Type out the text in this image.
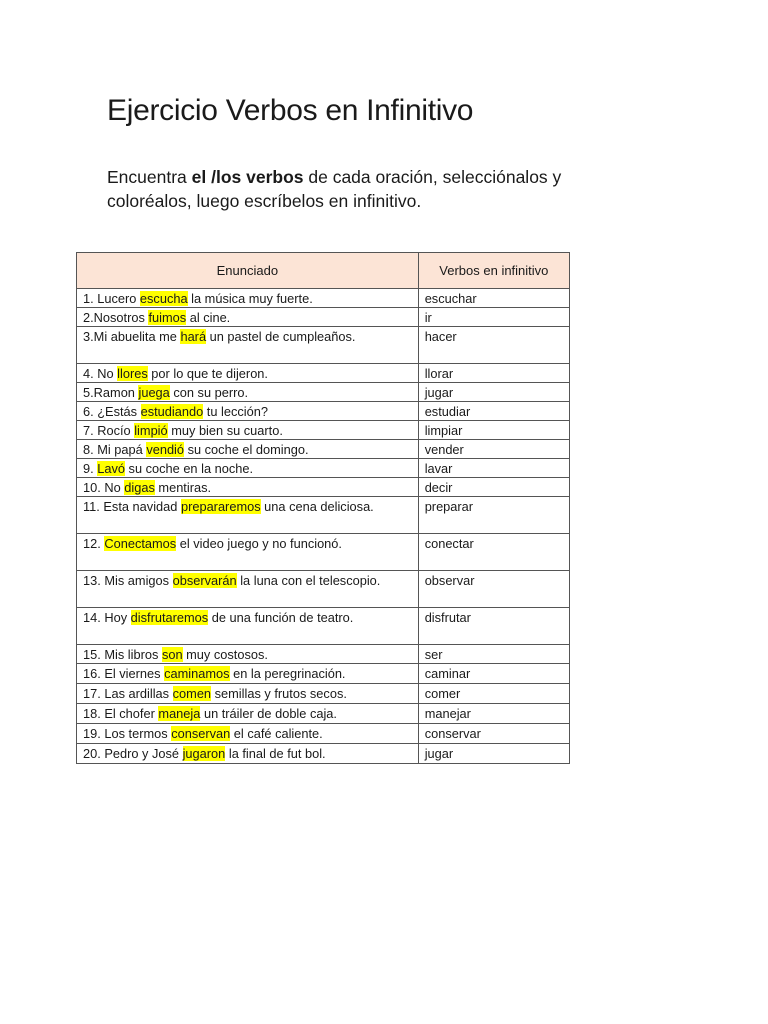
Ejercicio Verbos en Infinitivo

Encuentra el /los verbos de cada oración, selecciónalos y coloréalos, luego escríbelos en infinitivo.

Enunciado	Verbos en infinitivo
1. Lucero escucha la música muy fuerte.	escuchar
2.Nosotros fuimos al cine.	ir
3.Mi abuelita me hará un pastel de cumpleaños.	hacer
4. No llores por lo que te dijeron.	llorar
5.Ramon juega con su perro.	jugar
6. ¿Estás estudiando tu lección?	estudiar
7. Rocío limpió muy bien su cuarto.	limpiar
8. Mi papá vendió su coche el domingo.	vender
9. Lavó su coche en la noche.	lavar
10. No digas mentiras.	decir
11. Esta navidad prepararemos una cena deliciosa.	preparar
12. Conectamos el video juego y no funcionó.	conectar
13. Mis amigos observarán la luna con el telescopio.	observar
14. Hoy disfrutaremos de una función de teatro.	disfrutar
15. Mis libros son muy costosos.	ser
16. El viernes caminamos en la peregrinación.	caminar
17. Las ardillas comen semillas y frutos secos.	comer
18. El chofer maneja un tráiler de doble caja.	manejar
19. Los termos conservan el café caliente.	conservar
20. Pedro y José jugaron la final de fut bol.	jugar
